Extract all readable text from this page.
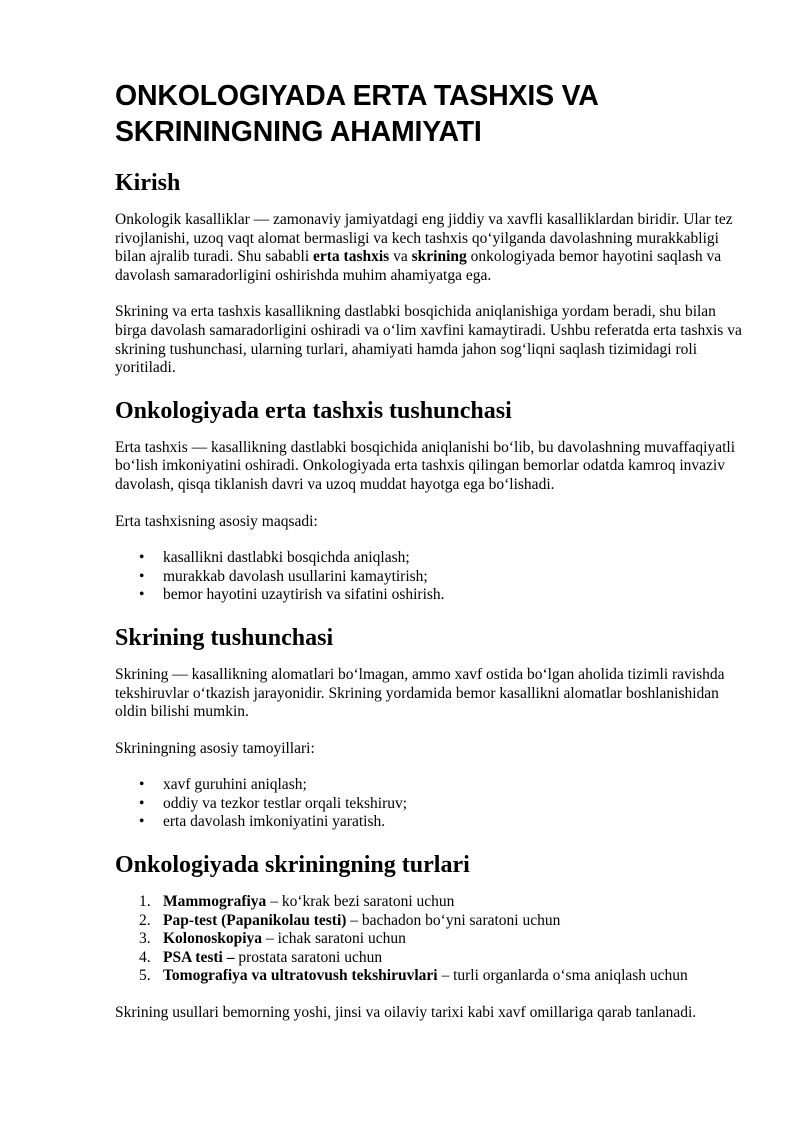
ONKOLOGIYADA ERTA TASHXIS VA SKRININGNING AHAMIYATI
Kirish

Onkologik kasalliklar — zamonaviy jamiyatdagi eng jiddiy va xavfli kasalliklardan biridir. Ular tez rivojlanishi, uzoq vaqt alomat bermasligi va kech tashxis qo‘yilganda davolashning murakkabligi bilan ajralib turadi. Shu sababli erta tashxis va skrining onkologiyada bemor hayotini saqlash va davolash samaradorligini oshirishda muhim ahamiyatga ega.

Skrining va erta tashxis kasallikning dastlabki bosqichida aniqlanishiga yordam beradi, shu bilan birga davolash samaradorligini oshiradi va o‘lim xavfini kamaytiradi. Ushbu referatda erta tashxis va skrining tushunchasi, ularning turlari, ahamiyati hamda jahon sog‘liqni saqlash tizimidagi roli yoritiladi.

Onkologiyada erta tashxis tushunchasi

Erta tashxis — kasallikning dastlabki bosqichida aniqlanishi bo‘lib, bu davolashning muvaffaqiyatli bo‘lish imkoniyatini oshiradi. Onkologiyada erta tashxis qilingan bemorlar odatda kamroq invaziv davolash, qisqa tiklanish davri va uzoq muddat hayotga ega bo‘lishadi.

Erta tashxisning asosiy maqsadi:

• kasallikni dastlabki bosqichda aniqlash;
• murakkab davolash usullarini kamaytirish;
• bemor hayotini uzaytirish va sifatini oshirish.
Skrining tushunchasi

Skrining — kasallikning alomatlari bo‘lmagan, ammo xavf ostida bo‘lgan aholida tizimli ravishda tekshiruvlar o‘tkazish jarayonidir. Skrining yordamida bemor kasallikni alomatlar boshlanishidan oldin bilishi mumkin.

Skriningning asosiy tamoyillari:

• xavf guruhini aniqlash;
• oddiy va tezkor testlar orqali tekshiruv;
• erta davolash imkoniyatini yaratish.
Onkologiyada skriningning turlari
1. Mammografiya – ko‘krak bezi saratoni uchun
2. Pap-test (Papanikolau testi) – bachadon bo‘yni saratoni uchun
3. Kolonoskopiya – ichak saratoni uchun
4. PSA testi – prostata saratoni uchun
5. Tomografiya va ultratovush tekshiruvlari – turli organlarda o‘sma aniqlash uchun

Skrining usullari bemorning yoshi, jinsi va oilaviy tarixi kabi xavf omillariga qarab tanlanadi.
